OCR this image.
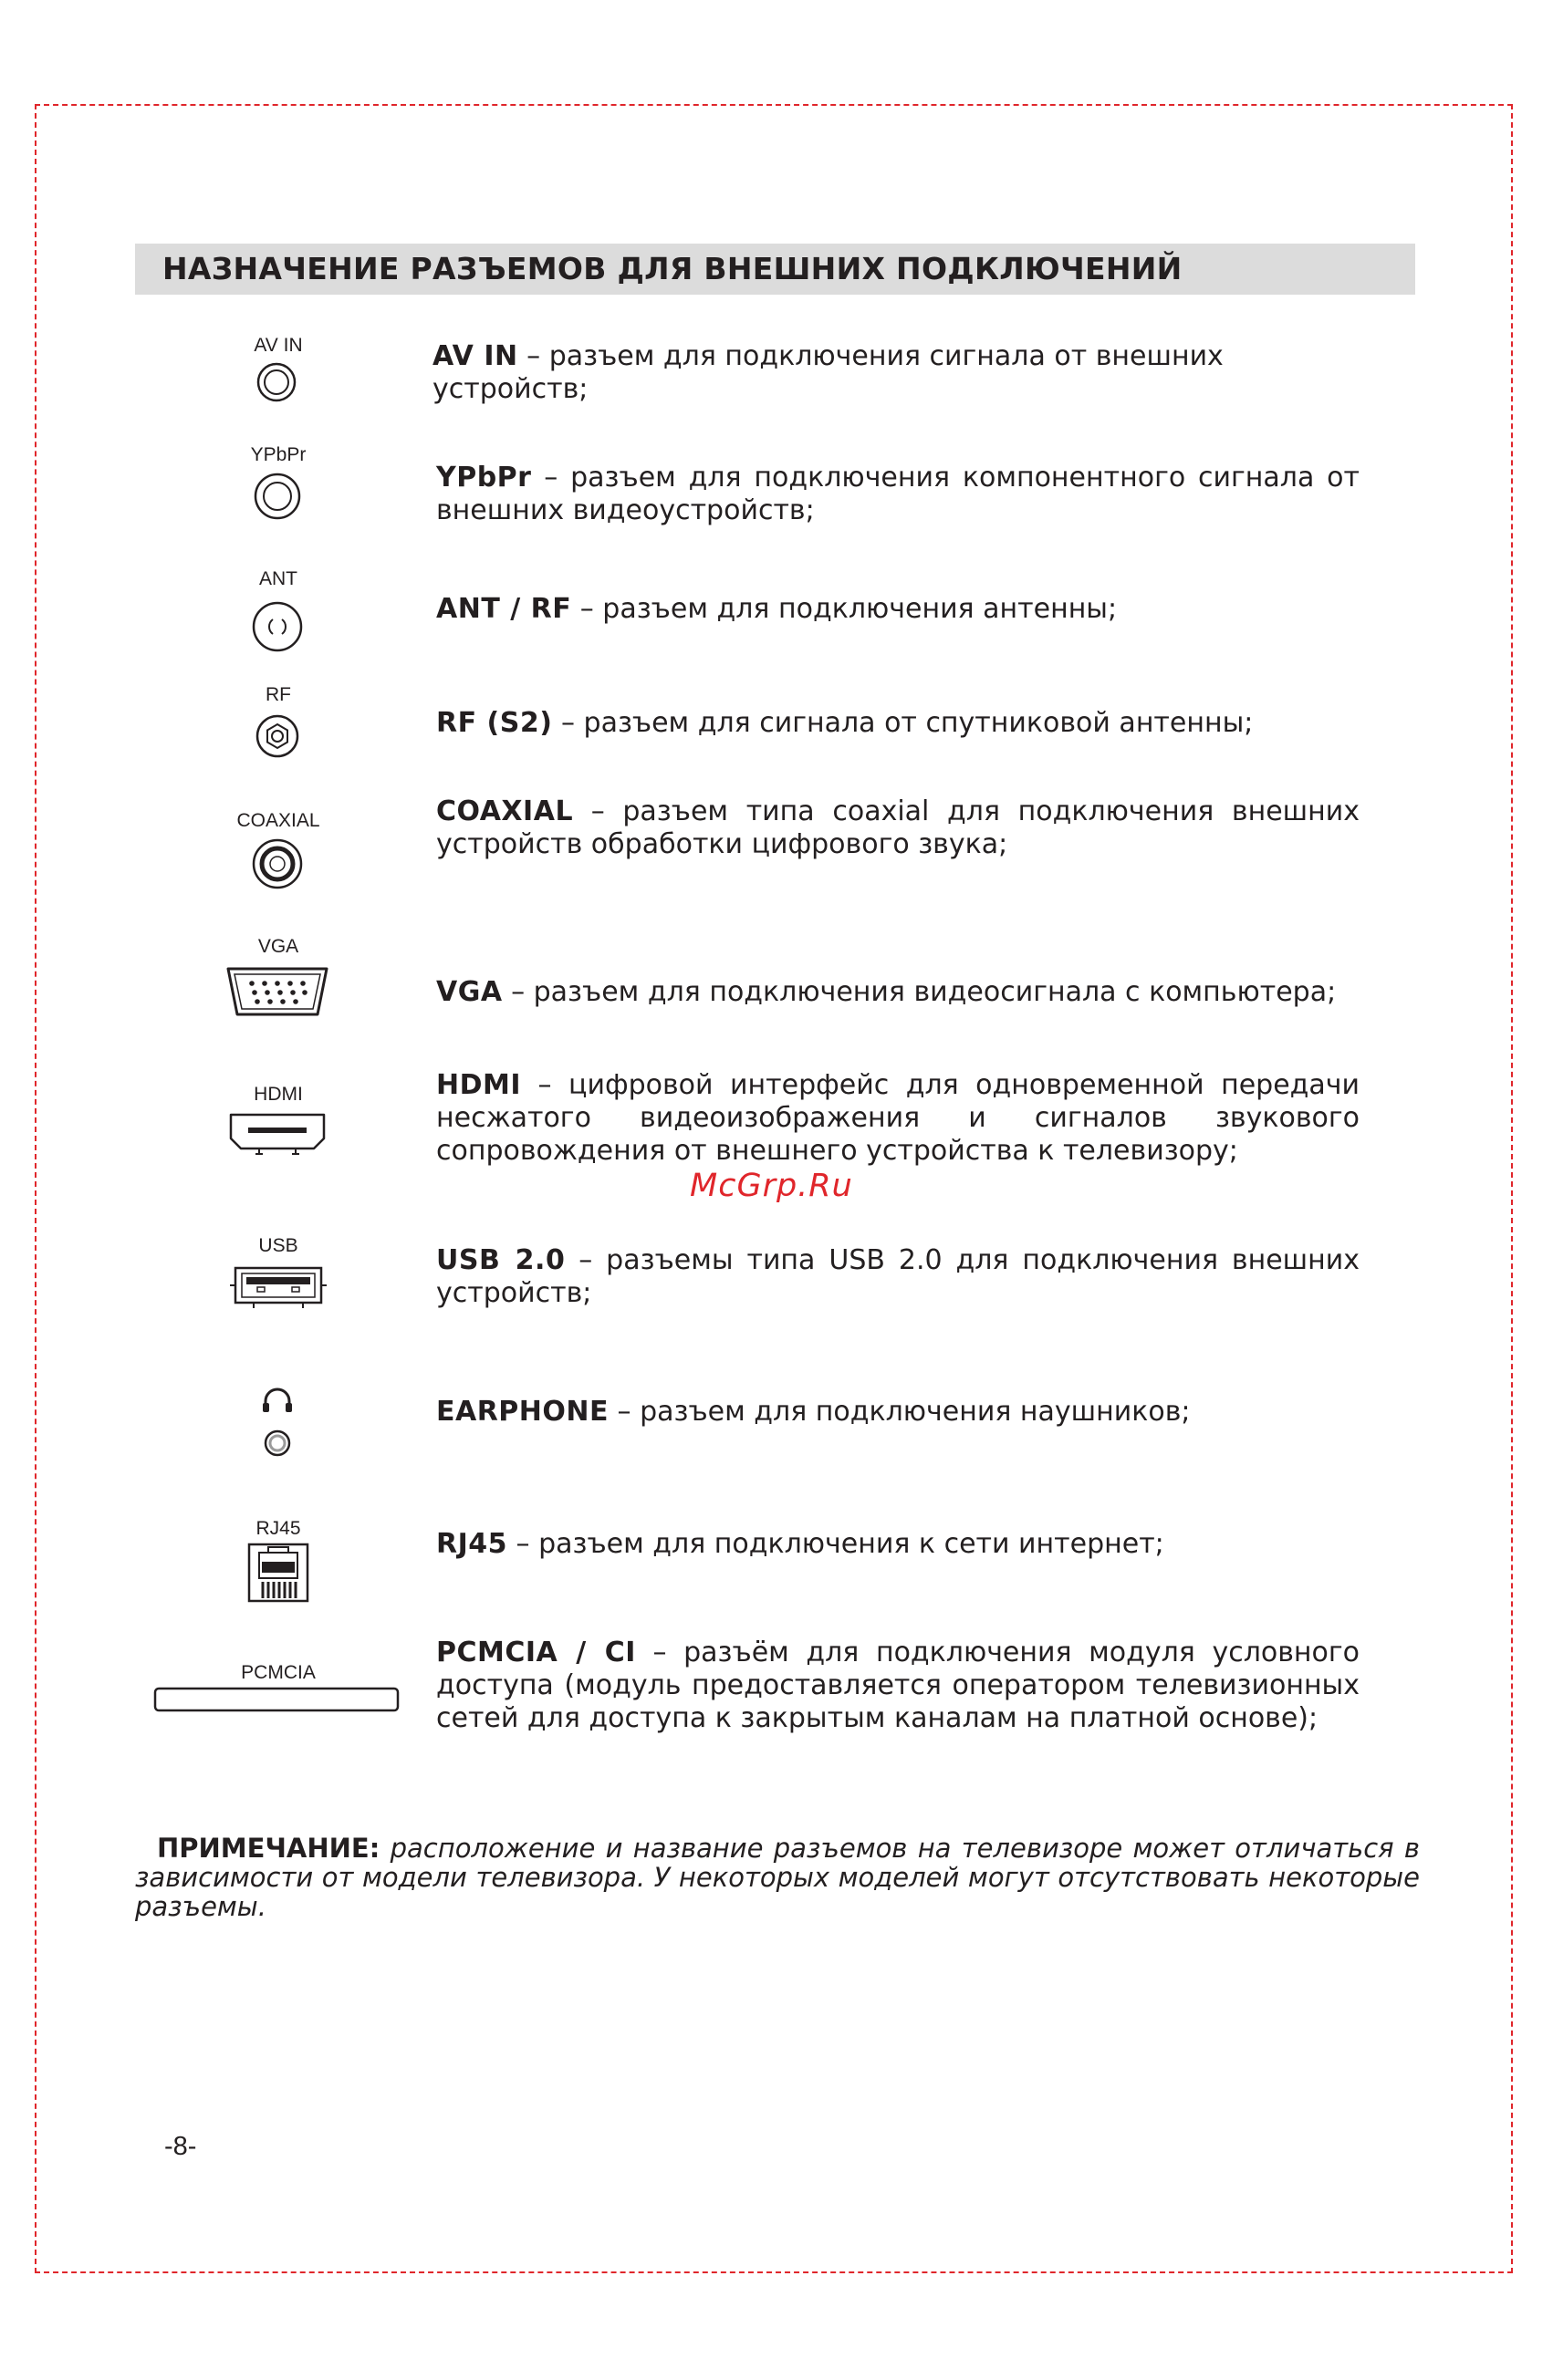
НАЗНАЧЕНИЕ РАЗЪЕМОВ ДЛЯ ВНЕШНИХ ПОДКЛЮЧЕНИЙ
AV IN	AV IN – разъем для подключения сигнала от внешних устройств;
YPbPr
YPbPr – разъем для подключения компонентного сигнала от внешних видеоустройств;
ANT
ANT / RF – разъем для подключения антенны;
RF
RF (S2) – разъем для сигнала от спутниковой антенны;
COAXIAL	COAXIAL – разъем типа coaxial для подключения внешних устройств обработки цифрового звука;
VGA
VGA – разъем для подключения видеосигнала с компьютера;
HDMI	HDMI – цифровой интерфейс для одновременной передачи несжатого видеоизображения и сигналов звукового сопровождения от внешнего устройства к телевизору;
McGrp.Ru
USB	USB 2.0 – разъемы типа USB 2.0 для подключения внешних устройств;
EARPHONE – разъем для подключения наушников;
RJ45	RJ45 – разъем для подключения к сети интернет;
PCMCIA
PCMCIA / CI – разъём для подключения модуля условного доступа (модуль предоставляется оператором телевизионных сетей для доступа к закрытым каналам на платной основе);
ПРИМЕЧАНИЕ: расположение и название разъемов на телевизоре может отличаться в зависимости от модели телевизора. У некоторых моделей могут отсутствовать некоторые разъемы.
-8-
